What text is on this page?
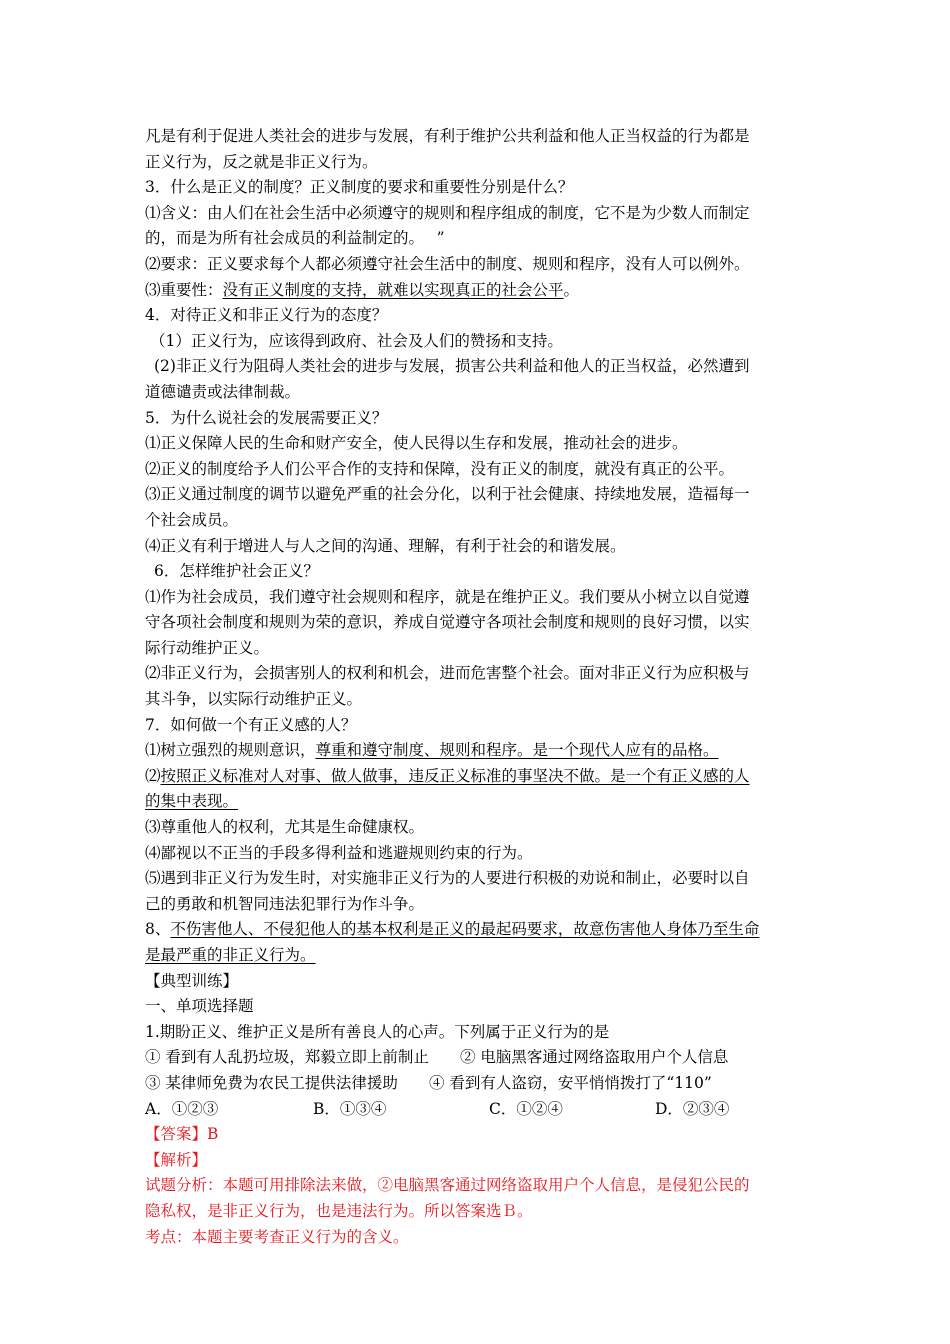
凡是有利于促进人类社会的进步与发展，有利于维护公共利益和他人正当权益的行为都是
正义行为，反之就是非正义行为。
3．什么是正义的制度？正义制度的要求和重要性分别是什么？
⑴含义：由人们在社会生活中必须遵守的规则和程序组成的制度，它不是为少数人而制定
的，而是为所有社会成员的利益制定的。　 ”
⑵要求：正义要求每个人都必须遵守社会生活中的制度、规则和程序，没有人可以例外。
⑶重要性：没有正义制度的支持，就难以实现真正的社会公平。
4．对待正义和非正义行为的态度？
（1）正义行为，应该得到政府、社会及人们的赞扬和支持。
(2)非正义行为阻碍人类社会的进步与发展，损害公共利益和他人的正当权益，必然遭到
道德谴责或法律制裁。
5．为什么说社会的发展需要正义？
⑴正义保障人民的生命和财产安全，使人民得以生存和发展，推动社会的进步。
⑵正义的制度给予人们公平合作的支持和保障，没有正义的制度，就没有真正的公平。
⑶正义通过制度的调节以避免严重的社会分化，以利于社会健康、持续地发展，造福每一
个社会成员。
⑷正义有利于增进人与人之间的沟通、理解，有利于社会的和谐发展。
6．怎样维护社会正义？
⑴作为社会成员，我们遵守社会规则和程序，就是在维护正义。我们要从小树立以自觉遵
守各项社会制度和规则为荣的意识，养成自觉遵守各项社会制度和规则的良好习惯，以实
际行动维护正义。
⑵非正义行为，会损害别人的权利和机会，进而危害整个社会。面对非正义行为应积极与
其斗争，以实际行动维护正义。
7．如何做一个有正义感的人？
⑴树立强烈的规则意识，尊重和遵守制度、规则和程序。是一个现代人应有的品格。
⑵按照正义标准对人对事、做人做事，违反正义标准的事坚决不做。是一个有正义感的人
的集中表现。
⑶尊重他人的权利，尤其是生命健康权。
⑷鄙视以不正当的手段多得利益和逃避规则约束的行为。
⑸遇到非正义行为发生时，对实施非正义行为的人要进行积极的劝说和制止，必要时以自
己的勇敢和机智同违法犯罪行为作斗争。
8、不伤害他人、不侵犯他人的基本权利是正义的最起码要求，故意伤害他人身体乃至生命
是最严重的非正义行为。
【典型训练】
一、单项选择题
1.期盼正义、维护正义是所有善良人的心声。下列属于正义行为的是
① 看到有人乱扔垃圾，郑毅立即上前制止　　 ② 电脑黑客通过网络盗取用户个人信息
③ 某律师免费为农民工提供法律援助　　 ④ 看到有人盗窃，安平悄悄拨打了“110”
A．①②③	B．①③④	C．①②④	D．②③④
【答案】B
【解析】
试题分析：本题可用排除法来做，②电脑黑客通过网络盗取用户个人信息，是侵犯公民的
隐私权，是非正义行为，也是违法行为。所以答案选Ｂ。
考点：本题主要考查正义行为的含义。
